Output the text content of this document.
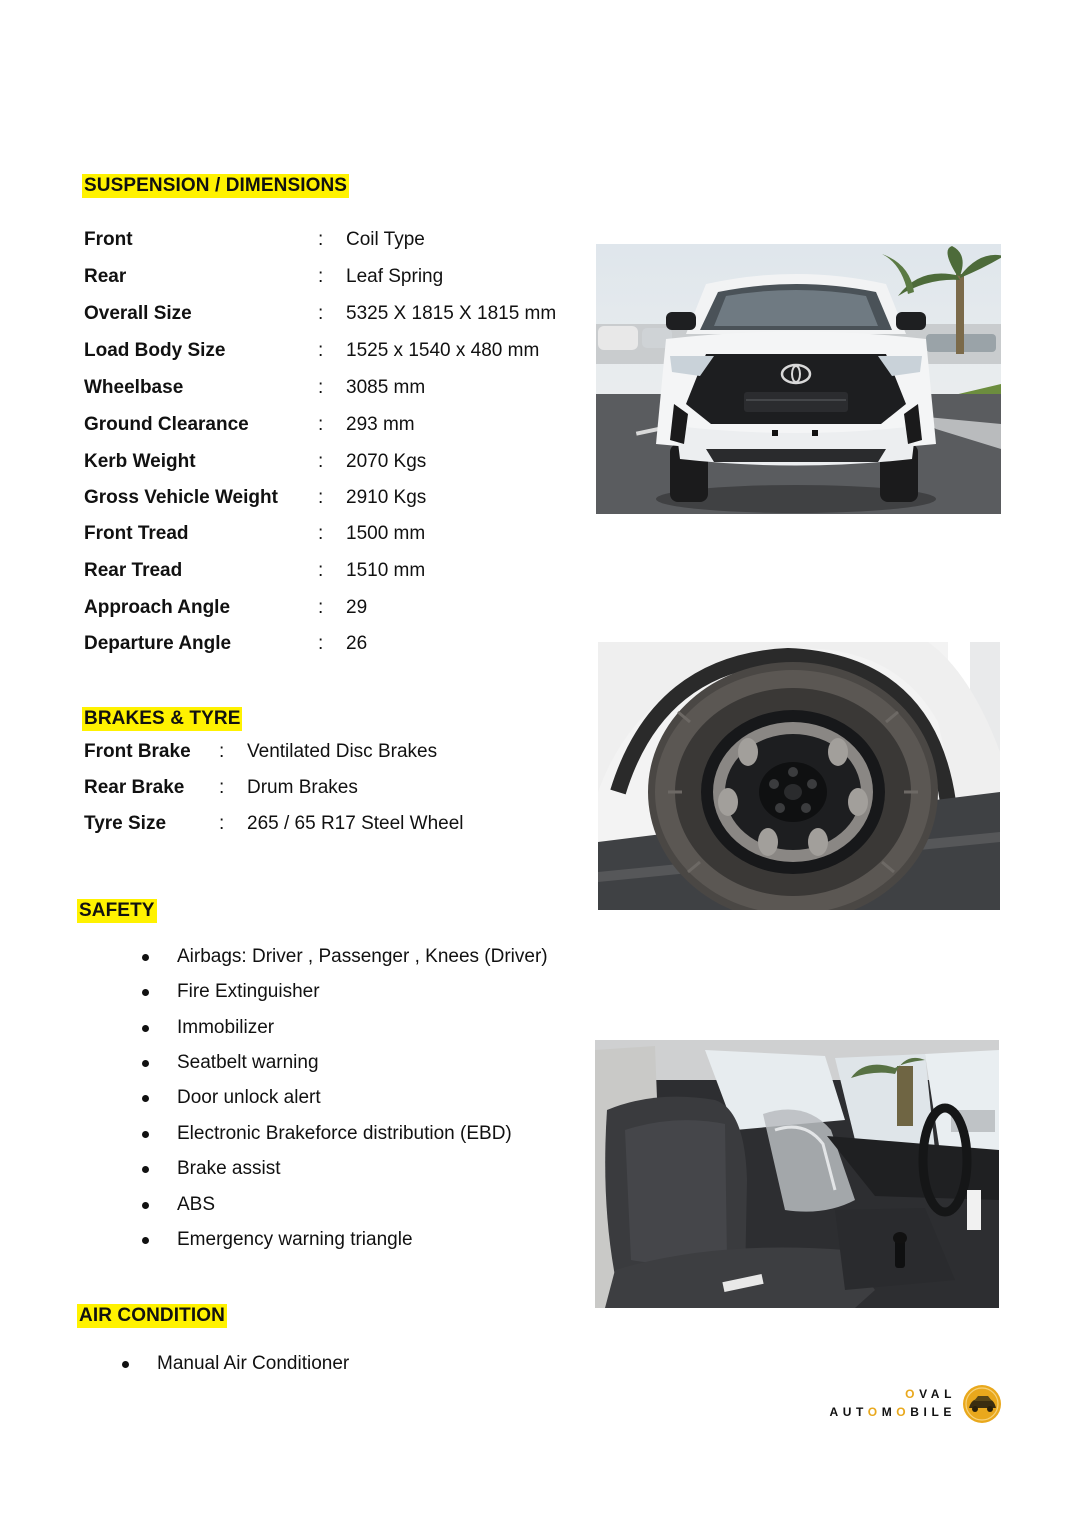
SUSPENSION / DIMENSIONS
Front	: Coil Type
Rear	: Leaf Spring
Overall Size	: 5325 X 1815 X 1815 mm
Load Body Size	: 1525 x 1540 x 480 mm
Wheelbase	: 3085 mm
Ground Clearance	: 293 mm
Kerb Weight	: 2070 Kgs
Gross Vehicle Weight : 2910 Kgs
Front Tread	: 1500 mm
Rear Tread	: 1510 mm
Approach Angle	: 29
Departure Angle	: 26
BRAKES & TYRE
Front Brake : Ventilated Disc Brakes
Rear Brake : Drum Brakes
Tyre Size	: 265 / 65 R17 Steel Wheel
SAFETY
Airbags: Driver , Passenger , Knees (Driver)
Fire Extinguisher
Immobilizer
Seatbelt warning
Door unlock alert
Electronic Brakeforce distribution (EBD)
Brake assist
ABS
Emergency warning triangle
AIR CONDITION
Manual Air Conditioner
OVAL
AUTOMOBILE
